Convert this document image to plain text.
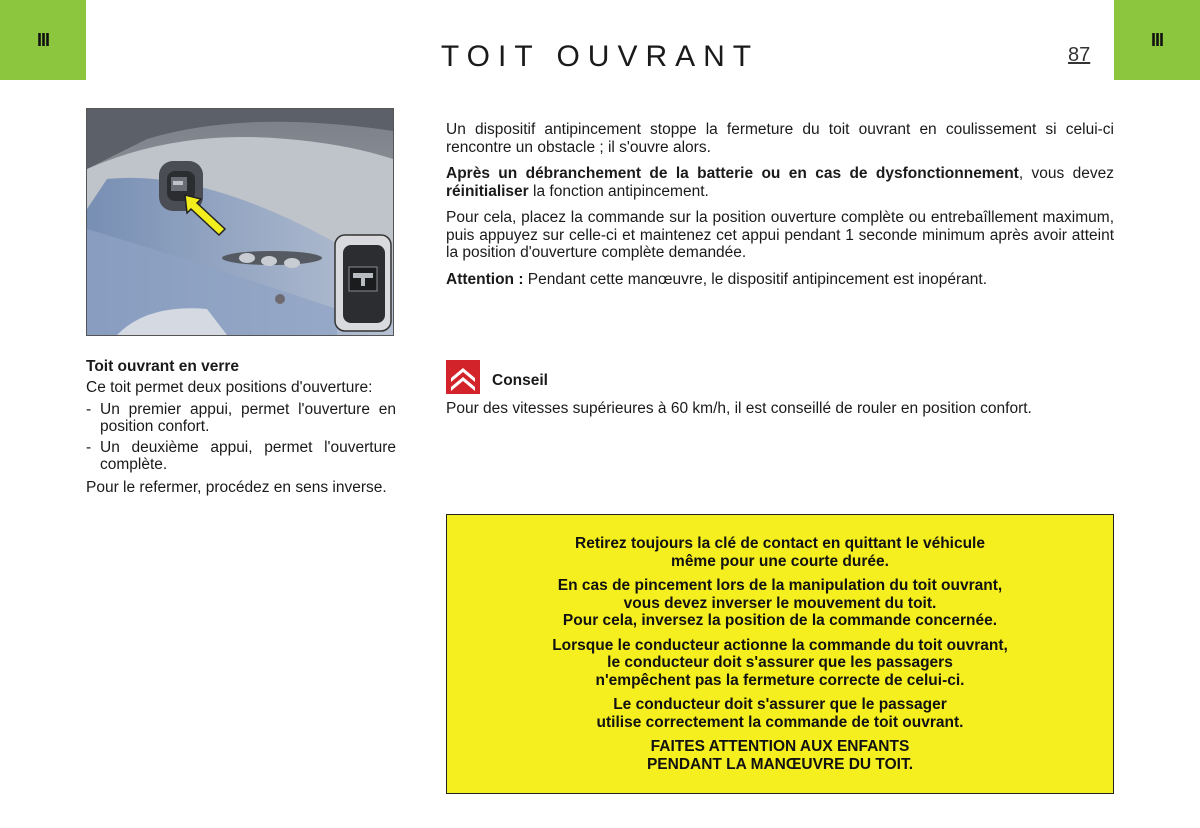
III	III
TOIT OUVRANT	87
Toit ouvrant en verre

Ce toit permet deux positions d'ouverture:

- Un premier appui, permet l'ouverture en position confort.
- Un deuxième appui, permet l'ouverture complète.

Pour le refermer, procédez en sens inverse.

Un dispositif antipincement stoppe la fermeture du toit ouvrant en coulissement si celui-ci rencontre un obstacle ; il s'ouvre alors.

Après un débranchement de la batterie ou en cas de dysfonctionnement, vous devez réinitialiser la fonction antipincement.

Pour cela, placez la commande sur la position ouverture complète ou entrebaîllement maximum, puis appuyez sur celle-ci et maintenez cet appui pendant 1 seconde minimum après avoir atteint la position d'ouverture complète demandée.

Attention : Pendant cette manœuvre, le dispositif antipincement est inopérant.

Conseil
Pour des vitesses supérieures à 60 km/h, il est conseillé de rouler en position confort.

Retirez toujours la clé de contact en quittant le véhicule
même pour une courte durée.

En cas de pincement lors de la manipulation du toit ouvrant,
vous devez inverser le mouvement du toit.
Pour cela, inversez la position de la commande concernée.

Lorsque le conducteur actionne la commande du toit ouvrant,
le conducteur doit s'assurer que les passagers
n'empêchent pas la fermeture correcte de celui-ci.

Le conducteur doit s'assurer que le passager
utilise correctement la commande de toit ouvrant.

FAITES ATTENTION AUX ENFANTS
PENDANT LA MANŒUVRE DU TOIT.
